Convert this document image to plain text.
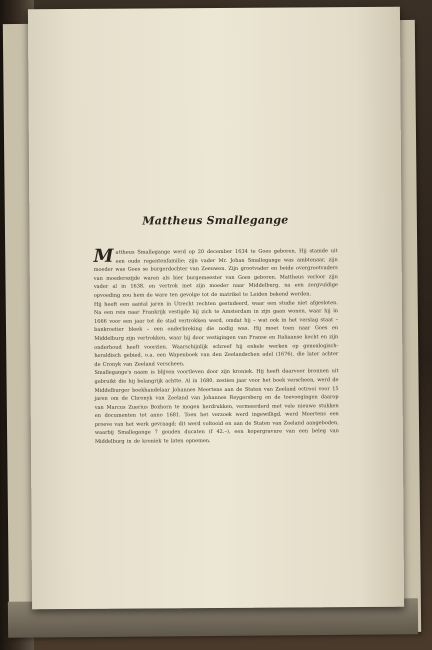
Mattheus Smallegange

Mattheus Smallegange werd op 20 december 1634 te Goes geboren. Hij stamde uit een oude regentenfamilie; zijn vader Mr. Johan Smallegange was ambtenaar, zijn moeder was Goes se burgerdochter van Zeeuwen. Zijn grootvader en beide overgrootvaders van moederszijde waren als bier burgemeester van Goes geboren. Mattheus verloor zijn vader al in 1638. en vertrok met zijn moeder naar Middelburg, na een zorgvuldige opvoeding zou hem de ware ten gevolge tot de matrikel te Leiden bekend worden.

Hij heeft een aantal jaren in Utrecht rechten gestudeerd, waar een studie niet afgesloten. Na een reis naar Frankrijk vestigde hij zich te Amsterdam in zijn gaan wonen, waar hij in 1666 voor een jaar tot de stad vertrokken werd, omdat hij – wat ook in het verslag staat – bankroetier bleek – een onderbreking die nodig was. Hij moet toen naar Goes en Middelburg zijn vertrokken, waar hij door vestigingen van Franse en Italiaanse kocht en zijn onderhoud heeft voorzien. Waarschijnlijk schreef hij enkele werken op genealogisch-heraldisch gebied, o.a. een Wapenboek van den Zeelandschen adel (1676), die later achter de Cronyk van Zeeland verscheen.

Smallegange's naam is blijven voortleven door zijn kroniek. Hij heeft daarvoor bronnen uit gebruikt die hij belangrijk achtte. Al in 1680, zestien jaar voor het boek verscheen, werd de Middelburger boekhandelaar Johannes Meertens aan de Staten van Zeeland octrooi voor 15 jaren om de Chronyk van Zeeland van Johannes Reygersberg en de toevoegingen daarop van Marcus Zuerius Boxhorn te mogen herdrukken, vermeerderd met vele nieuwe stukken en documenten tot anno 1681. Toen het verzoek werd ingewilligd, werd Meertens een proeve van het werk gevraagd; dit werd voltooid en aan de Staten van Zeeland aangeboden, waarbij Smallegange 7 gouden ducaten (f 42.–), een kopergravure van een beleg van Middelburg in de kroniek te laten opnemen.
